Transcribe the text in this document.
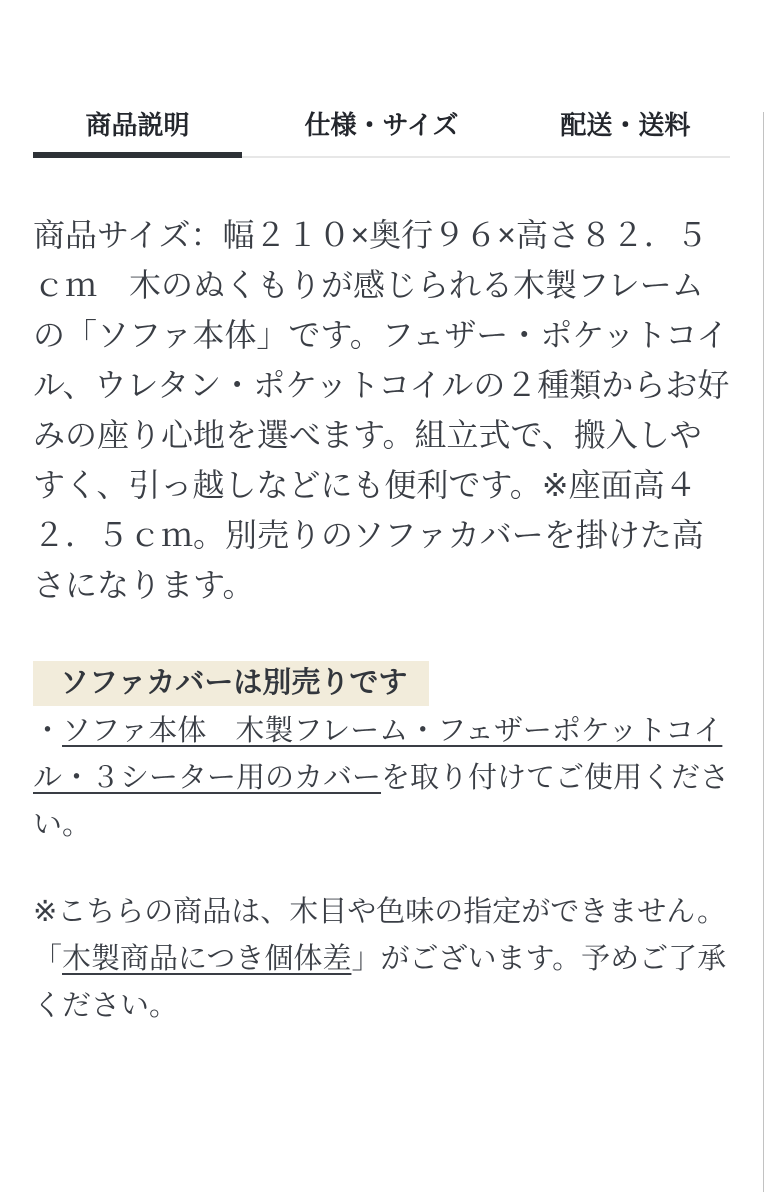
商品説明	仕様・サイズ	配送・送料
商品サイズ：幅２１０×奥行９６×高さ８２．５ｃｍ　木のぬくもりが感じられる木製フレームの「ソファ本体」です。フェザー・ポケットコイル、ウレタン・ポケットコイルの２種類からお好みの座り心地を選べます。組立式で、搬入しやすく、引っ越しなどにも便利です。※座面高４２．５ｃｍ。別売りのソファカバーを掛けた高さになります。
ソファカバーは別売りです
・ソファ本体　木製フレーム・フェザーポケットコイル・３シーター用のカバーを取り付けてご使用ください。
※こちらの商品は、木目や色味の指定ができません。「木製商品につき個体差」がございます。予めご了承ください。
